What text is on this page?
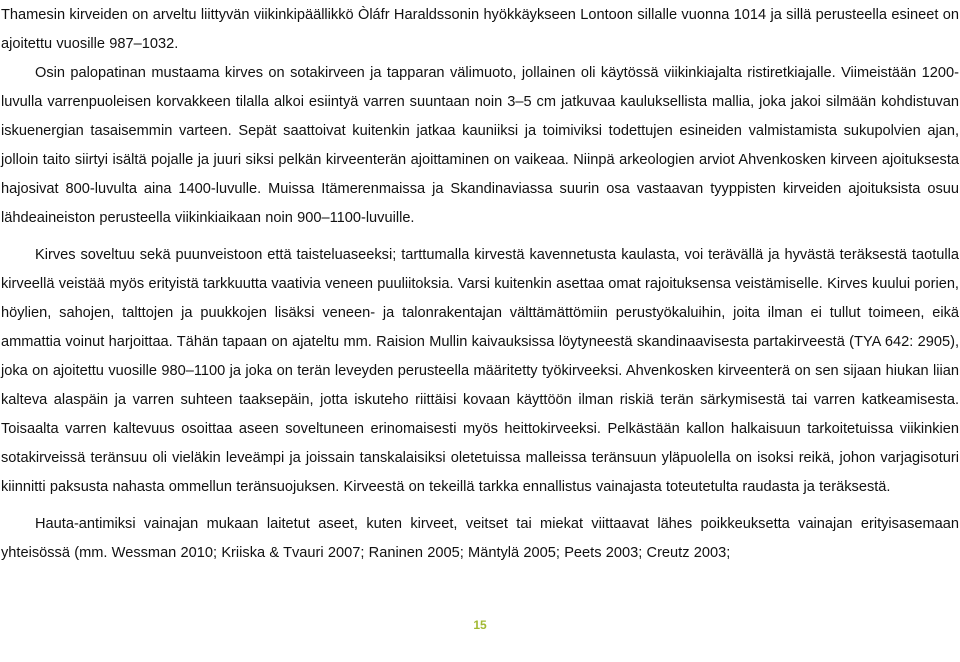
Thamesin kirveiden on arveltu liittyvän viikinkipäällikkö Òláfr Haraldssonin hyökkäykseen Lontoon sillalle vuonna 1014 ja sillä perusteella esineet on ajoitettu vuosille 987–1032.

Osin palopatinan mustaama kirves on sotakirveen ja tapparan välimuoto, jollainen oli käytössä viikinkiajalta ristiretkiajalle. Viimeistään 1200-luvulla varrenpuoleisen korvakkeen tilalla alkoi esiintyä varren suuntaan noin 3–5 cm jatkuvaa kauluksellista mallia, joka jakoi silmään kohdistuvan iskuenergian tasaisemmin varteen. Sepät saattoivat kuitenkin jatkaa kauniiksi ja toimiviksi todettujen esineiden valmistamista sukupolvien ajan, jolloin taito siirtyi isältä pojalle ja juuri siksi pelkän kirveenterän ajoittaminen on vaikeaa. Niinpä arkeologien arviot Ahvenkosken kirveen ajoituksesta hajosivat 800-luvulta aina 1400-luvulle. Muissa Itämerenmaissa ja Skandinaviassa suurin osa vastaavan tyyppisten kirveiden ajoituksista osuu lähdeaineiston perusteella viikinkiaikaan noin 900–1100-luvuille.

Kirves soveltuu sekä puunveistoon että taisteluaseeksi; tarttumalla kirvestä kavennetusta kaulasta, voi terävällä ja hyvästä teräksestä taotulla kirveellä veistää myös erityistä tarkkuutta vaativia veneen puuliitoksia. Varsi kuitenkin asettaa omat rajoituksensa veistämiselle. Kirves kuului porien, höylien, sahojen, talttojen ja puukkojen lisäksi veneen- ja talonrakentajan välttämättömiin perustyökaluihin, joita ilman ei tullut toimeen, eikä ammattia voinut harjoittaa. Tähän tapaan on ajateltu mm. Raision Mullin kaivauksissa löytyneestä skandinaavisesta partakirveestä (TYA 642: 2905), joka on ajoitettu vuosille 980–1100 ja joka on terän leveyden perusteella määritetty työkirveeksi. Ahvenkosken kirveenterä on sen sijaan hiukan liian kalteva alaspäin ja varren suhteen taaksepäin, jotta iskuteho riittäisi kovaan käyttöön ilman riskiä terän särkymisestä tai varren katkeamisesta. Toisaalta varren kaltevuus osoittaa aseen soveltuneen erinomaisesti myös heittokirveeksi. Pelkästään kallon halkaisuun tarkoitetuissa viikinkien sotakirveissä teränsuu oli vieläkin leveämpi ja joissain tanskalaisiksi oletetuissa malleissa teränsuun yläpuolella on isoksi reikä, johon varjagisoturi kiinnitti paksusta nahasta ommellun teränsuojuksen. Kirveestä on tekeillä tarkka ennallistus vainajasta toteutetulta raudasta ja teräksestä.

Hauta-antimiksi vainajan mukaan laitetut aseet, kuten kirveet, veitset tai miekat viittaavat lähes poikkeuksetta vainajan erityisasemaan yhteisössä (mm. Wessman 2010; Kriiska & Tvauri 2007; Raninen 2005; Mäntylä 2005; Peets 2003; Creutz 2003;

15
